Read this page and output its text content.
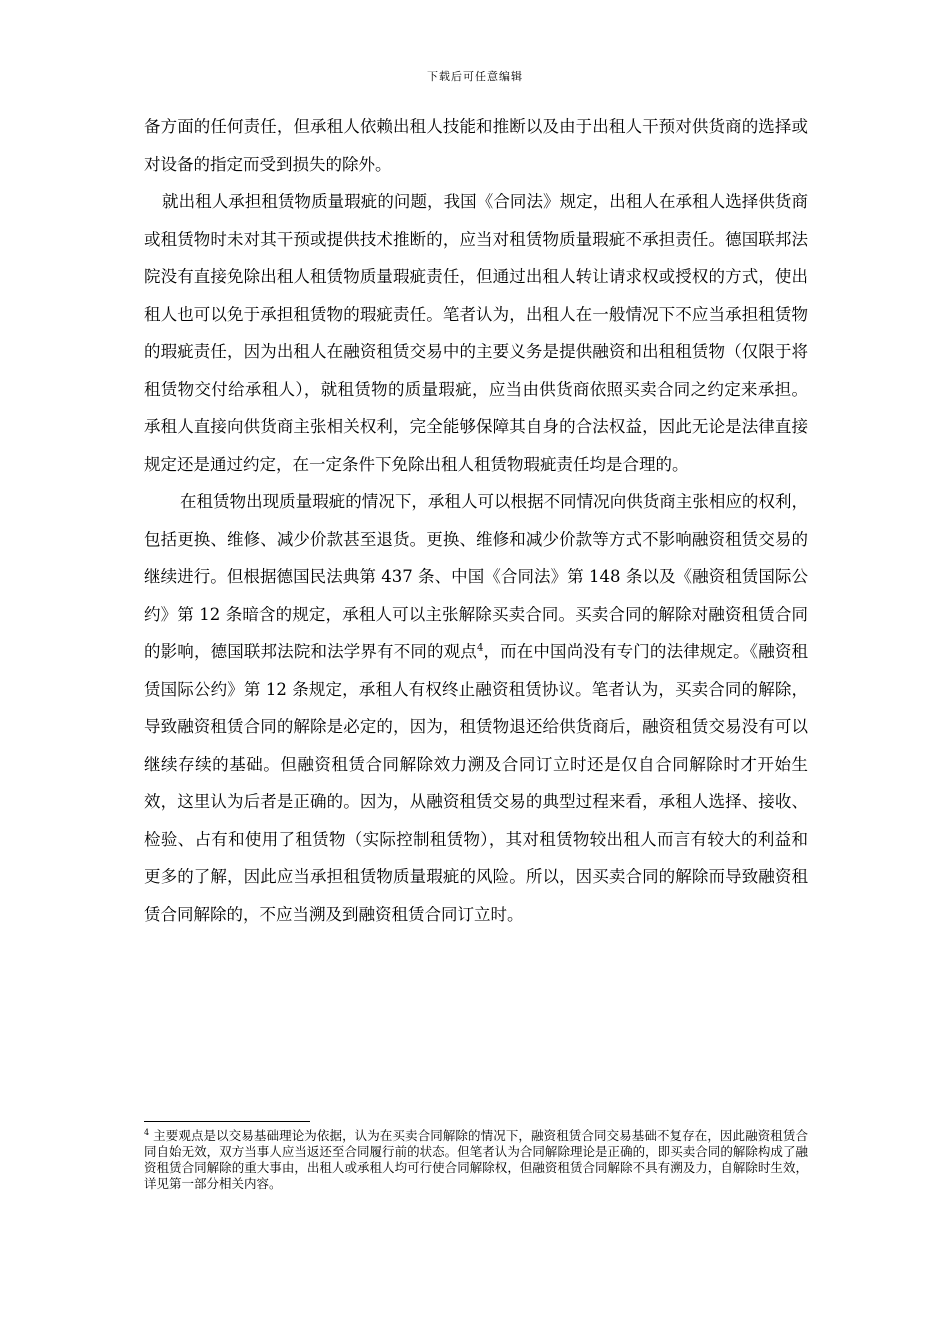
下载后可任意编辑

备方面的任何责任，但承租人依赖出租人技能和推断以及由于出租人干预对供货商的选择或对设备的指定而受到损失的除外。

就出租人承担租赁物质量瑕疵的问题，我国《合同法》规定，出租人在承租人选择供货商或租赁物时未对其干预或提供技术推断的，应当对租赁物质量瑕疵不承担责任。德国联邦法院没有直接免除出租人租赁物质量瑕疵责任，但通过出租人转让请求权或授权的方式，使出租人也可以免于承担租赁物的瑕疵责任。笔者认为，出租人在一般情况下不应当承担租赁物的瑕疵责任，因为出租人在融资租赁交易中的主要义务是提供融资和出租租赁物（仅限于将租赁物交付给承租人），就租赁物的质量瑕疵，应当由供货商依照买卖合同之约定来承担。承租人直接向供货商主张相关权利，完全能够保障其自身的合法权益，因此无论是法律直接规定还是通过约定，在一定条件下免除出租人租赁物瑕疵责任均是合理的。

在租赁物出现质量瑕疵的情况下，承租人可以根据不同情况向供货商主张相应的权利，包括更换、维修、减少价款甚至退货。更换、维修和减少价款等方式不影响融资租赁交易的继续进行。但根据德国民法典第 437 条、中国《合同法》第 148 条以及《融资租赁国际公约》第 12 条暗含的规定，承租人可以主张解除买卖合同。买卖合同的解除对融资租赁合同的影响，德国联邦法院和法学界有不同的观点$^4$，而在中国尚没有专门的法律规定。《融资租赁国际公约》第 12 条规定，承租人有权终止融资租赁协议。笔者认为，买卖合同的解除，导致融资租赁合同的解除是必定的，因为，租赁物退还给供货商后，融资租赁交易没有可以继续存续的基础。但融资租赁合同解除效力溯及合同订立时还是仅自合同解除时才开始生效，这里认为后者是正确的。因为，从融资租赁交易的典型过程来看，承租人选择、接收、检验、占有和使用了租赁物（实际控制租赁物），其对租赁物较出租人而言有较大的利益和更多的了解，因此应当承担租赁物质量瑕疵的风险。所以，因买卖合同的解除而导致融资租赁合同解除的，不应当溯及到融资租赁合同订立时。

$^4$ 主要观点是以交易基础理论为依据，认为在买卖合同解除的情况下，融资租赁合同交易基础不复存在，因此融资租赁合同自始无效，双方当事人应当返还至合同履行前的状态。但笔者认为合同解除理论是正确的，即买卖合同的解除构成了融资租赁合同解除的重大事由，出租人或承租人均可行使合同解除权，但融资租赁合同解除不具有溯及力，自解除时生效，详见第一部分相关内容。
